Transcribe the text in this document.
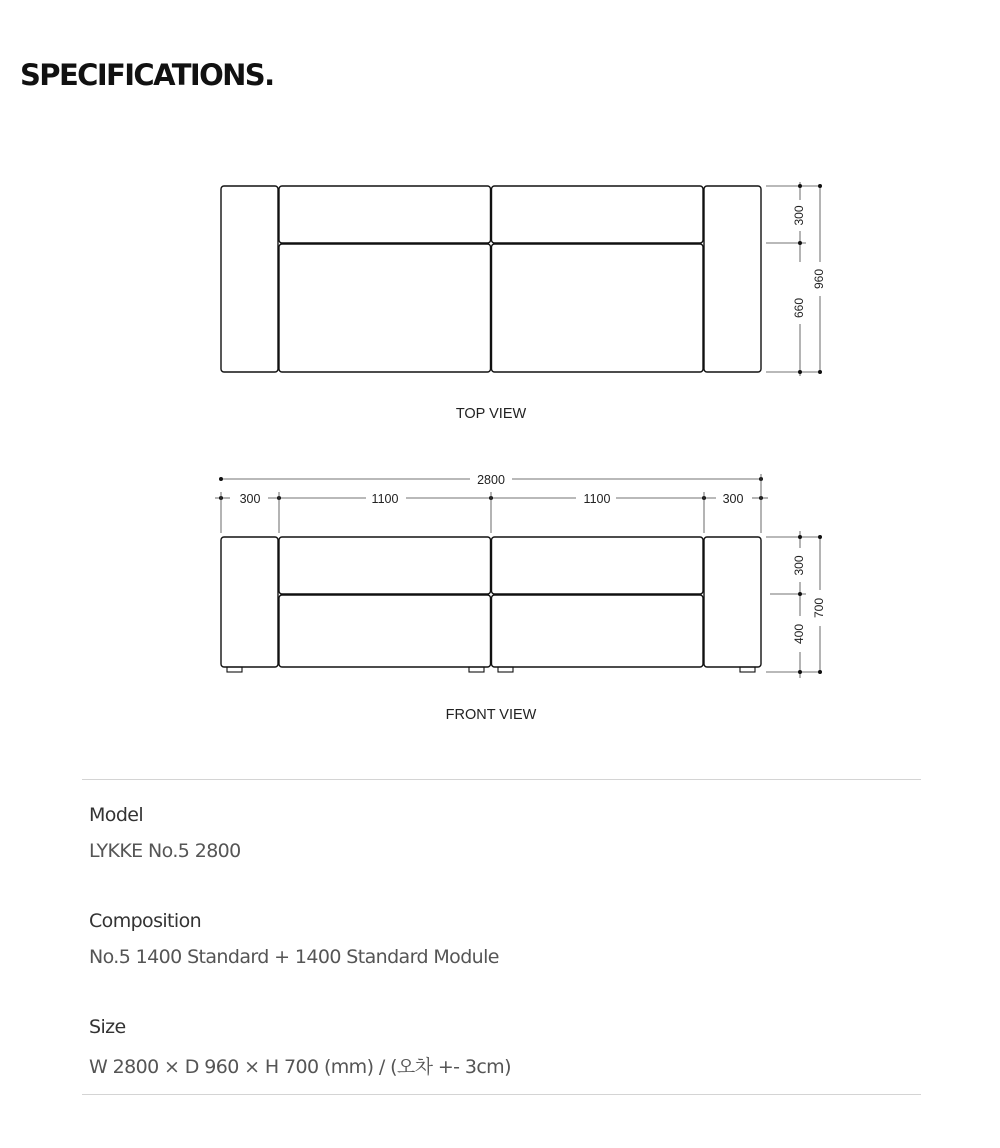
SPECIFICATIONS.
300
660
960
TOP VIEW
2800
300	1100	1100	300
300
400
700
FRONT VIEW
Model
LYKKE No.5 2800
Composition
No.5 1400 Standard + 1400 Standard Module
Size
W 2800 × D 960 × H 700 (mm) / (오차 +- 3cm)
